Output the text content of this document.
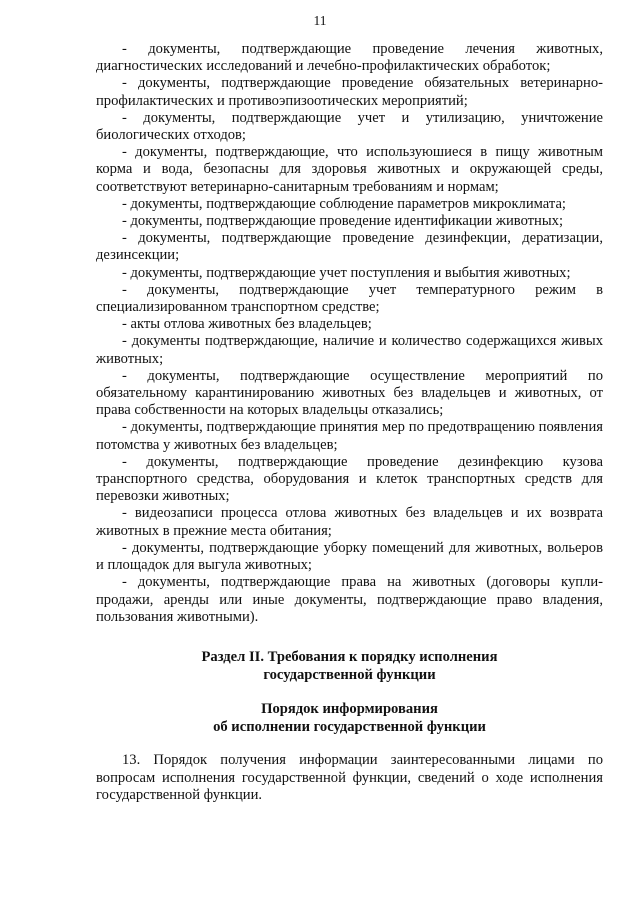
11

- документы, подтверждающие проведение лечения животных, диагностических исследований и лечебно-профилактических обработок;

- документы, подтверждающие проведение обязательных ветеринарно-профилактических и противоэпизоотических мероприятий;

- документы, подтверждающие учет и утилизацию, уничтожение биологических отходов;

- документы, подтверждающие, что используюшиеся в пищу животным корма и вода, безопасны для здоровья животных и окружающей среды, соответствуют ветеринарно-санитарным требованиям и нормам;

- документы, подтверждающие соблюдение параметров микроклимата;

- документы, подтверждающие проведение идентификации животных;

- документы, подтверждающие проведение дезинфекции, дератизации, дезинсекции;

- документы, подтверждающие учет поступления и выбытия животных;

- документы, подтверждающие учет температурного режим в специализированном транспортном средстве;

- акты отлова животных без владельцев;

- документы подтверждающие, наличие и количество содержащихся живых животных;

- документы, подтверждающие осуществление мероприятий по обязательному карантинированию животных без владельцев и животных, от права собственности на которых владельцы отказались;

- документы, подтверждающие принятия мер по предотвращению появления потомства у животных без владельцев;

- документы, подтверждающие проведение дезинфекцию кузова транспортного средства, оборудования и клеток транспортных средств для перевозки животных;

- видеозаписи процесса отлова животных без владельцев и их возврата животных в прежние места обитания;

- документы, подтверждающие уборку помещений для животных, вольеров и площадок для выгула животных;

- документы, подтверждающие права на животных (договоры купли-продажи, аренды или иные документы, подтверждающие право владения, пользования животными).

Раздел II. Требования к порядку исполнения
государственной функции
Порядок информирования
об исполнении государственной функции

13. Порядок получения информации заинтересованными лицами по вопросам исполнения государственной функции, сведений о ходе исполнения государственной функции.
